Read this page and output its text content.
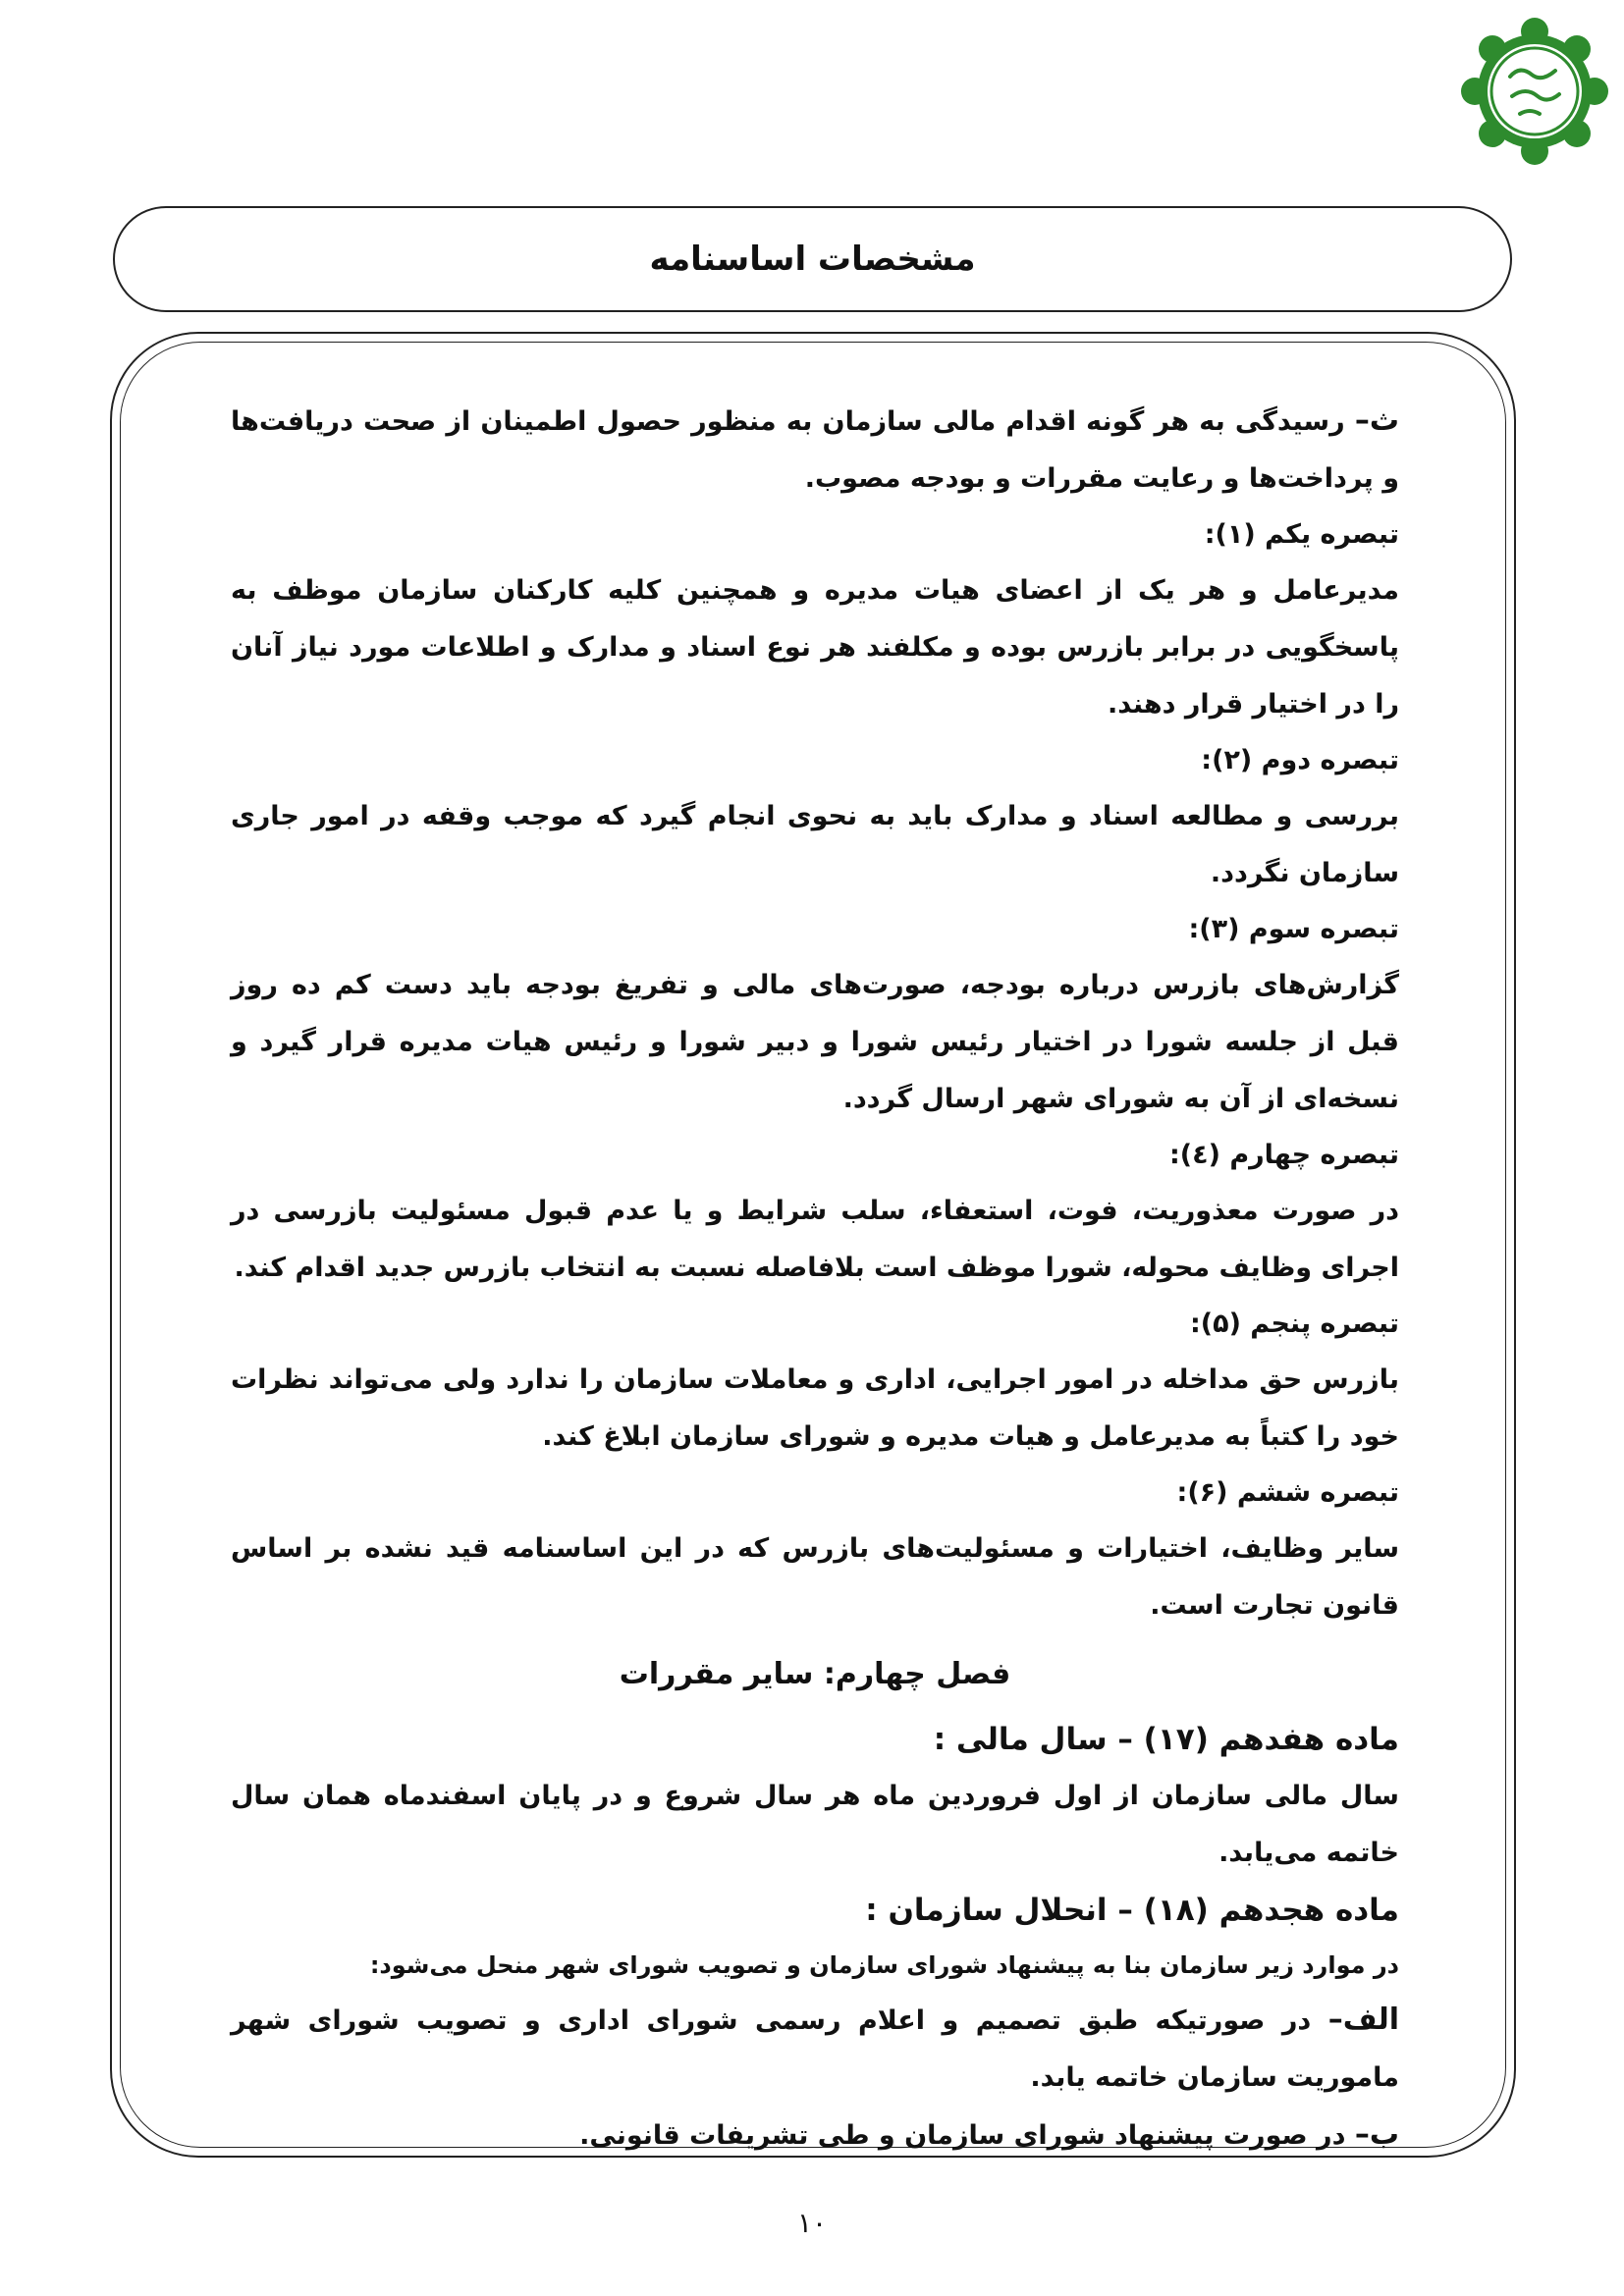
مشخصات اساسنامه

ث– رسیدگی به هر گونه اقدام مالی سازمان به منظور حصول اطمینان از صحت دریافت‌ها و پرداخت‌ها و رعایت مقررات و بودجه مصوب.

تبصره یکم (۱):

مدیرعامل و هر یک از اعضای هیات مدیره و همچنین کلیه کارکنان سازمان موظف به پاسخگویی در برابر بازرس بوده و مکلفند هر نوع اسناد و مدارک و اطلاعات مورد نیاز آنان را در اختیار قرار دهند.

تبصره دوم (۲):

بررسی و مطالعه اسناد و مدارک باید به نحوی انجام گیرد که موجب وقفه در امور جاری سازمان نگردد.

تبصره سوم (۳):

گزارش‌های بازرس درباره بودجه، صورت‌های مالی و تفریغ بودجه باید دست کم ده روز قبل از جلسه شورا در اختیار رئیس شورا و دبیر شورا و رئیس هیات مدیره قرار گیرد و نسخه‌ای از آن به شورای شهر ارسال گردد.

تبصره چهارم (٤):

در صورت معذوریت، فوت، استعفاء، سلب شرایط و یا عدم قبول مسئولیت بازرسی در اجرای وظایف محوله، شورا موظف است بلافاصله نسبت به انتخاب بازرس جدید اقدام کند.

تبصره پنجم (۵):

بازرس حق مداخله در امور اجرایی، اداری و معاملات سازمان را ندارد ولی می‌تواند نظرات خود را کتباً به مدیرعامل و هیات مدیره و شورای سازمان ابلاغ کند.

تبصره ششم (۶):

سایر وظایف، اختیارات و مسئولیت‌های بازرس که در این اساسنامه قید نشده بر اساس قانون تجارت است.

فصل چهارم: سایر مقررات

ماده هفدهم (۱۷) – سال مالی :

سال مالی سازمان از اول فروردین ماه هر سال شروع و در پایان اسفندماه همان سال خاتمه می‌یابد.

ماده هجدهم (۱۸) – انحلال سازمان :

در موارد زیر سازمان بنا به پیشنهاد شورای سازمان و تصویب شورای شهر منحل می‌شود:

الف– در صورتیکه طبق تصمیم و اعلام رسمی شورای اداری و تصویب شورای شهر ماموریت سازمان خاتمه یابد.

ب– در صورت پیشنهاد شورای سازمان و طی تشریفات قانونی.

۱۰
